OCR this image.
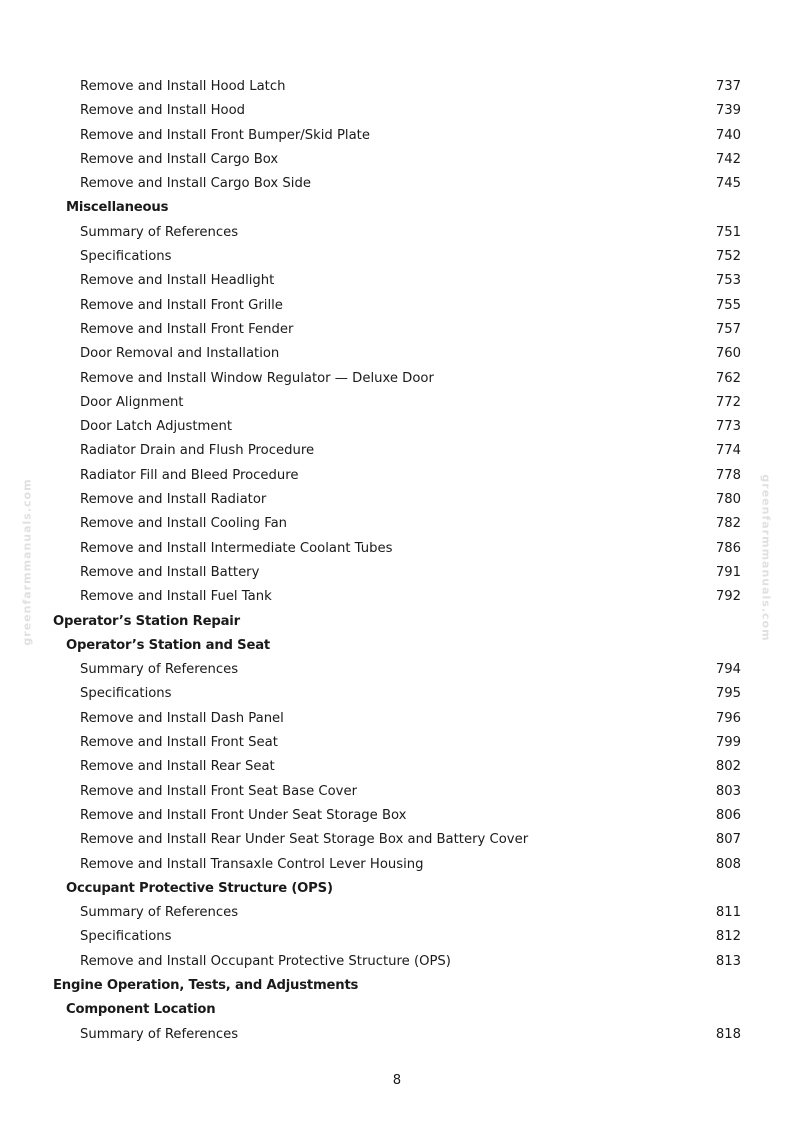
Remove and Install Hood Latch	737
Remove and Install Hood	739
Remove and Install Front Bumper/Skid Plate	740
Remove and Install Cargo Box	742
Remove and Install Cargo Box Side	745
Miscellaneous
Summary of References	751
Specifications	752
Remove and Install Headlight	753
Remove and Install Front Grille	755
Remove and Install Front Fender	757
Door Removal and Installation	760
Remove and Install Window Regulator — Deluxe Door	762
Door Alignment	772
Door Latch Adjustment	773
Radiator Drain and Flush Procedure	774
Radiator Fill and Bleed Procedure	778
Remove and Install Radiator	780
Remove and Install Cooling Fan	782
Remove and Install Intermediate Coolant Tubes	786
Remove and Install Battery	791
Remove and Install Fuel Tank	792
Operator’s Station Repair
Operator’s Station and Seat
Summary of References	794
Specifications	795
Remove and Install Dash Panel	796
Remove and Install Front Seat	799
Remove and Install Rear Seat	802
Remove and Install Front Seat Base Cover	803
Remove and Install Front Under Seat Storage Box	806
Remove and Install Rear Under Seat Storage Box and Battery Cover	807
Remove and Install Transaxle Control Lever Housing	808
Occupant Protective Structure (OPS)
Summary of References	811
Specifications	812
Remove and Install Occupant Protective Structure (OPS)	813
Engine Operation, Tests, and Adjustments
Component Location
Summary of References	818
8
greenfarmmanuals.com	greenfarmmanuals.com
